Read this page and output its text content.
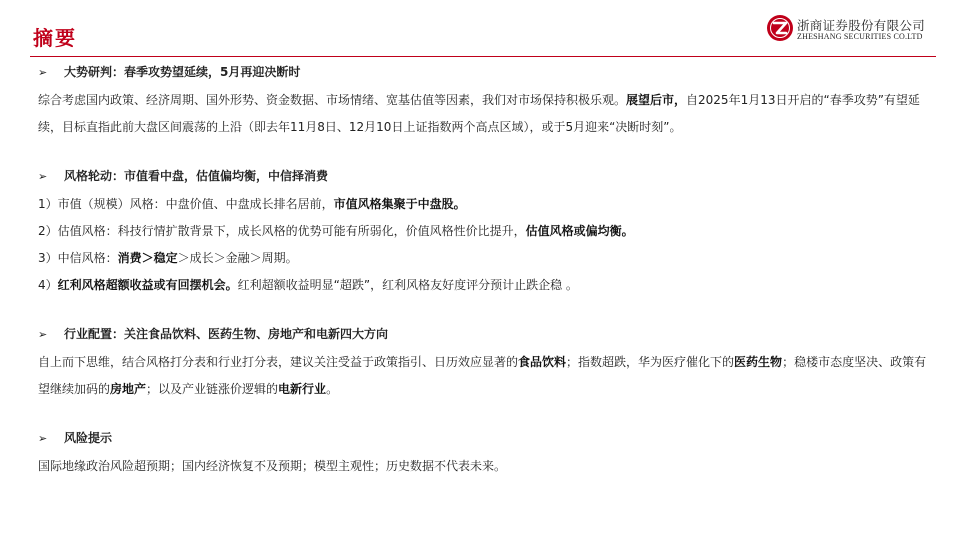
摘要
浙商证券股份有限公司
ZHESHANG SECURITIES CO.LTD
➢ 大势研判：春季攻势望延续，5月再迎决断时
综合考虑国内政策、经济周期、国外形势、资金数据、市场情绪、宽基估值等因素，我们对市场保持积极乐观。展望后市，自2025年1月13日开启的“春季攻势”有望延续，目标直指此前大盘区间震荡的上沿（即去年11月8日、12月10日上证指数两个高点区域），或于5月迎来“决断时刻”。
➢ 风格轮动：市值看中盘，估值偏均衡，中信择消费
1）市值（规模）风格：中盘价值、中盘成长排名居前，市值风格集聚于中盘股。
2）估值风格：科技行情扩散背景下，成长风格的优势可能有所弱化，价值风格性价比提升，估值风格或偏均衡。
3）中信风格：消费＞稳定＞成长＞金融＞周期。
4）红利风格超额收益或有回摆机会。红利超额收益明显“超跌”，红利风格友好度评分预计止跌企稳 。
➢ 行业配置：关注食品饮料、医药生物、房地产和电新四大方向
自上而下思维，结合风格打分表和行业打分表，建议关注受益于政策指引、日历效应显著的食品饮料；指数超跌，华为医疗催化下的医药生物；稳楼市态度坚决、政策有望继续加码的房地产；以及产业链涨价逻辑的电新行业。
➢ 风险提示
国际地缘政治风险超预期；国内经济恢复不及预期；模型主观性；历史数据不代表未来。
